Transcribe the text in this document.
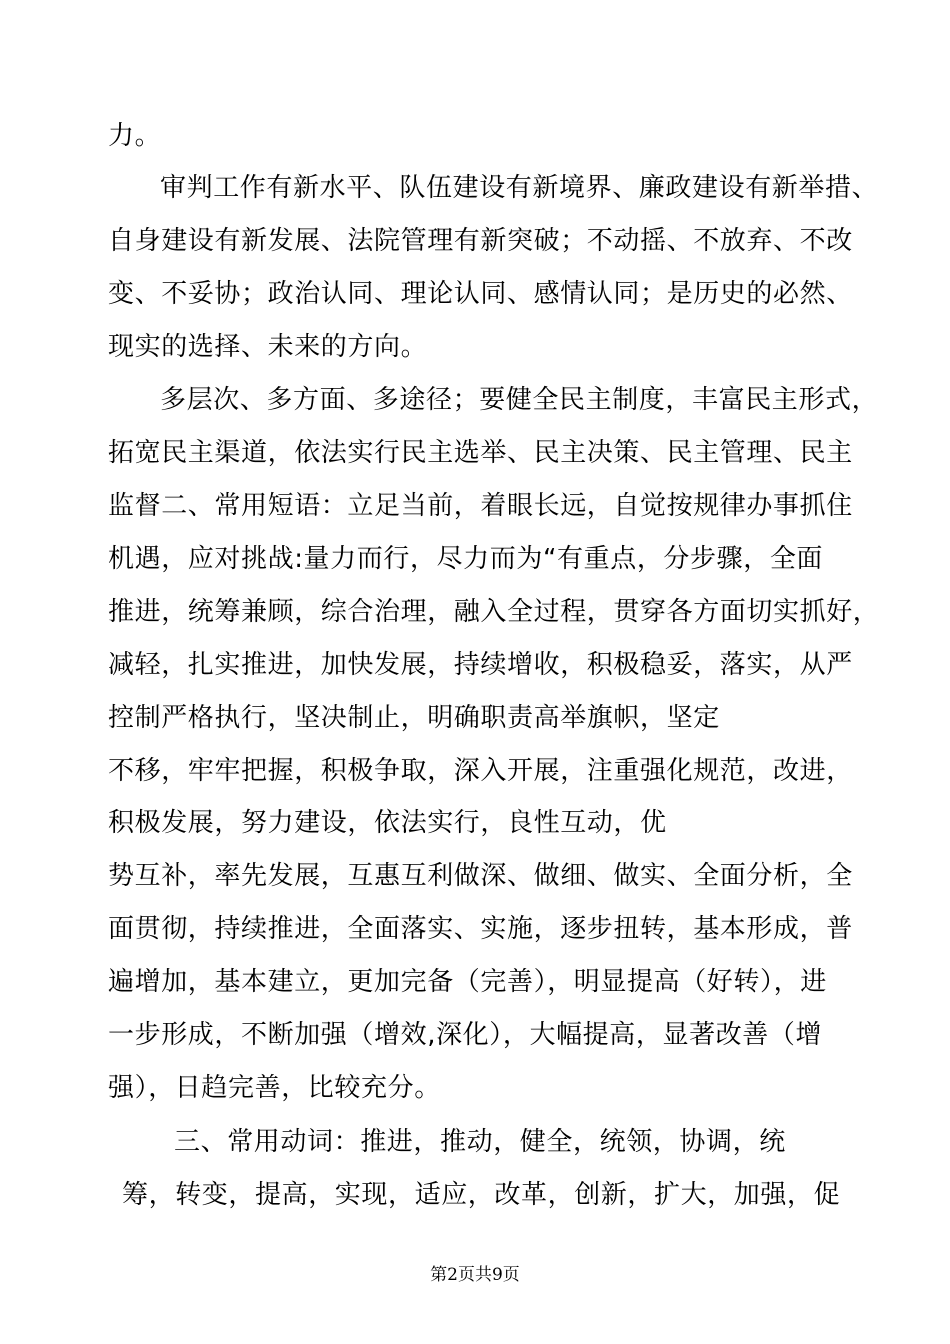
力。
审判工作有新水平、队伍建设有新境界、廉政建设有新举措、
自身建设有新发展、法院管理有新突破；不动摇、不放弃、不改
变、不妥协；政治认同、理论认同、感情认同；是历史的必然、
现实的选择、未来的方向。
多层次、多方面、多途径；要健全民主制度，丰富民主形式，
拓宽民主渠道，依法实行民主选举、民主决策、民主管理、民主
监督二、常用短语：立足当前，着眼长远，自觉按规律办事抓住
机遇，应对挑战:量力而行，尽力而为“有重点，分步骤，全面
推进，统筹兼顾，综合治理，融入全过程，贯穿各方面切实抓好，
减轻，扎实推进，加快发展，持续增收，积极稳妥，落实，从严
控制严格执行，坚决制止，明确职责高举旗帜，坚定
不移，牢牢把握，积极争取，深入开展，注重强化规范，改进，
积极发展，努力建设，依法实行，良性互动，优
势互补，率先发展，互惠互利做深、做细、做实、全面分析，全
面贯彻，持续推进，全面落实、实施，逐步扭转，基本形成，普
遍增加，基本建立，更加完备（完善），明显提高（好转），进
一步形成，不断加强（增效,深化），大幅提高，显著改善（增
强），日趋完善，比较充分。
三、常用动词：推进，推动，健全，统领，协调，统
筹，转变，提高，实现，适应，改革，创新，扩大，加强，促
第2页共9页
